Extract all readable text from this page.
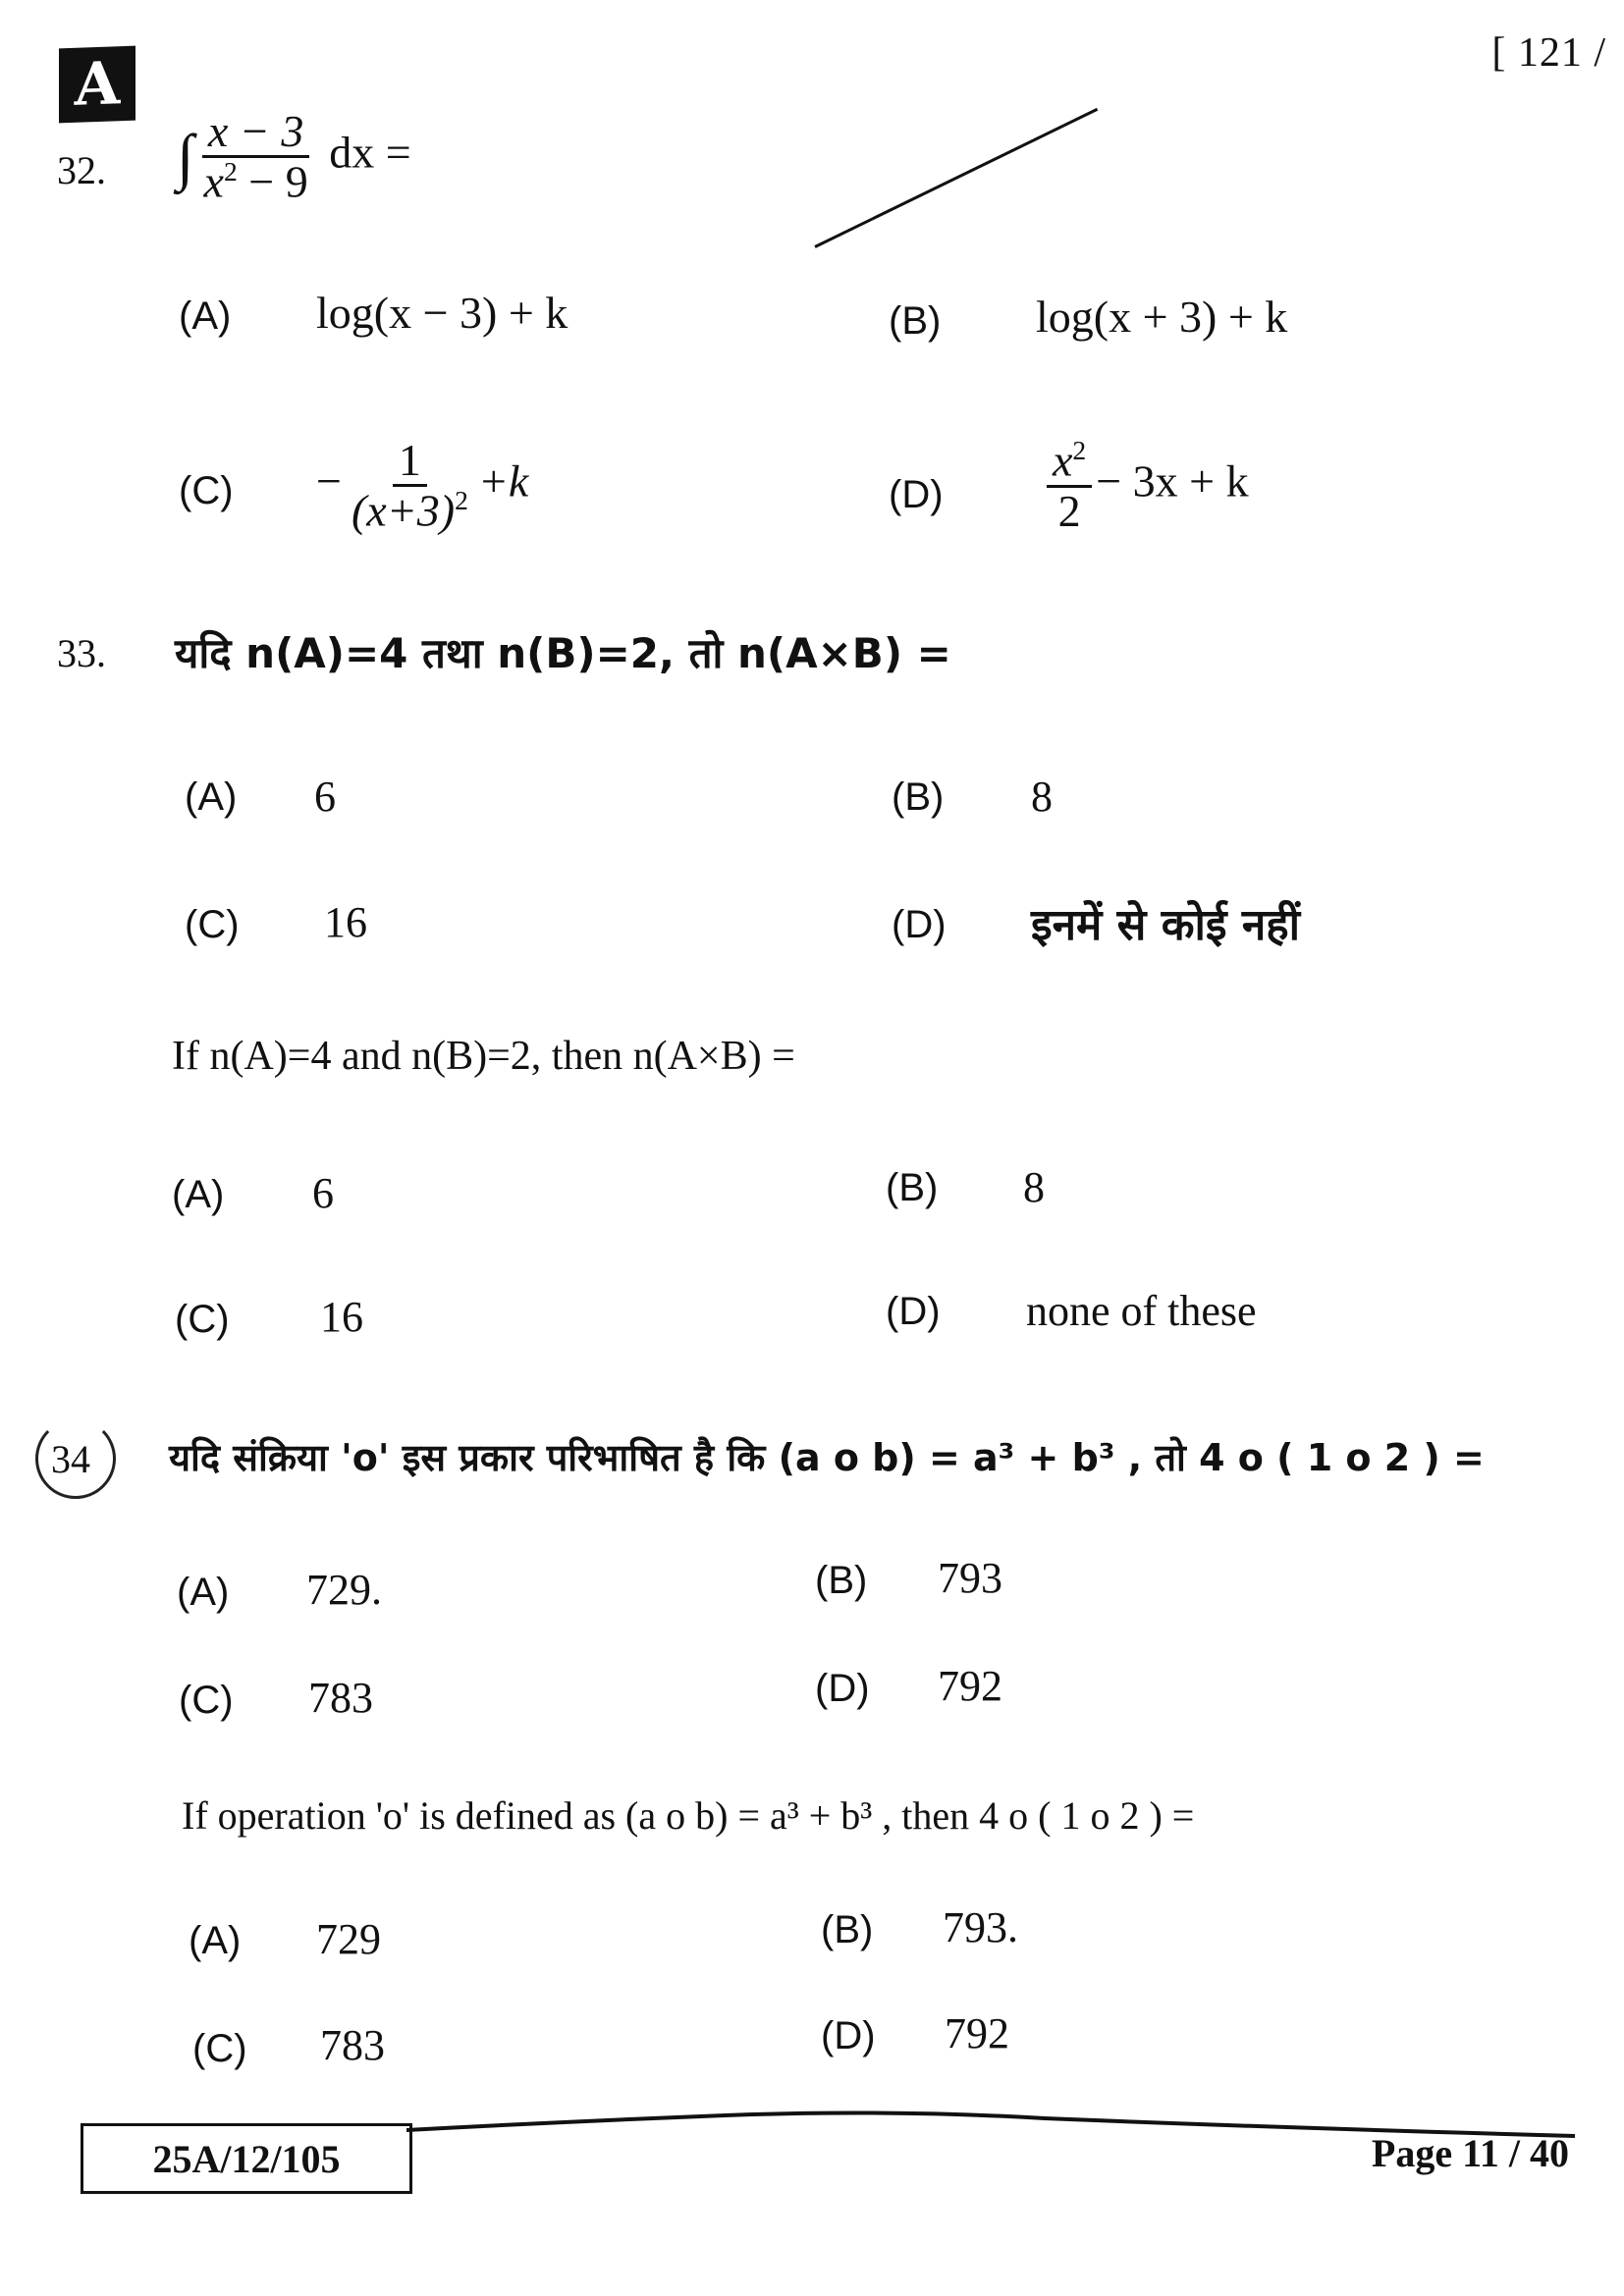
A	[ 121 /
32. ∫ $\frac{x - 3}{x^2 - 9}$ dx =
(A) log(x − 3) + k	(B) log(x + 3) + k
$(C) - \frac{1}{(x+3)^2} +k$	$(D) \frac{x^2}{2} - 3x + k$
33. यदि n(A)=4 तथा n(B)=2, तो n(A×B) =
(A) 6	(B) 8
(C) 16	(D) इनमें से कोई नहीं
If n(A)=4 and n(B)=2, then n(A×B) =
(A) 6	(B) 8
(C) 16	(D) none of these
34 यदि संक्रिया 'o' इस प्रकार परिभाषित है कि (a o b) = a³ + b³ , तो 4 o ( 1 o 2 ) =
(A) 729.	(B) 793
(C) 783	(D) 792
If operation 'o' is defined as (a o b) = a³ + b³ , then 4 o ( 1 o 2 ) =
(A) 729	(B) 793.
(C) 783	(D) 792
25A/12/105	Page 11 / 40
